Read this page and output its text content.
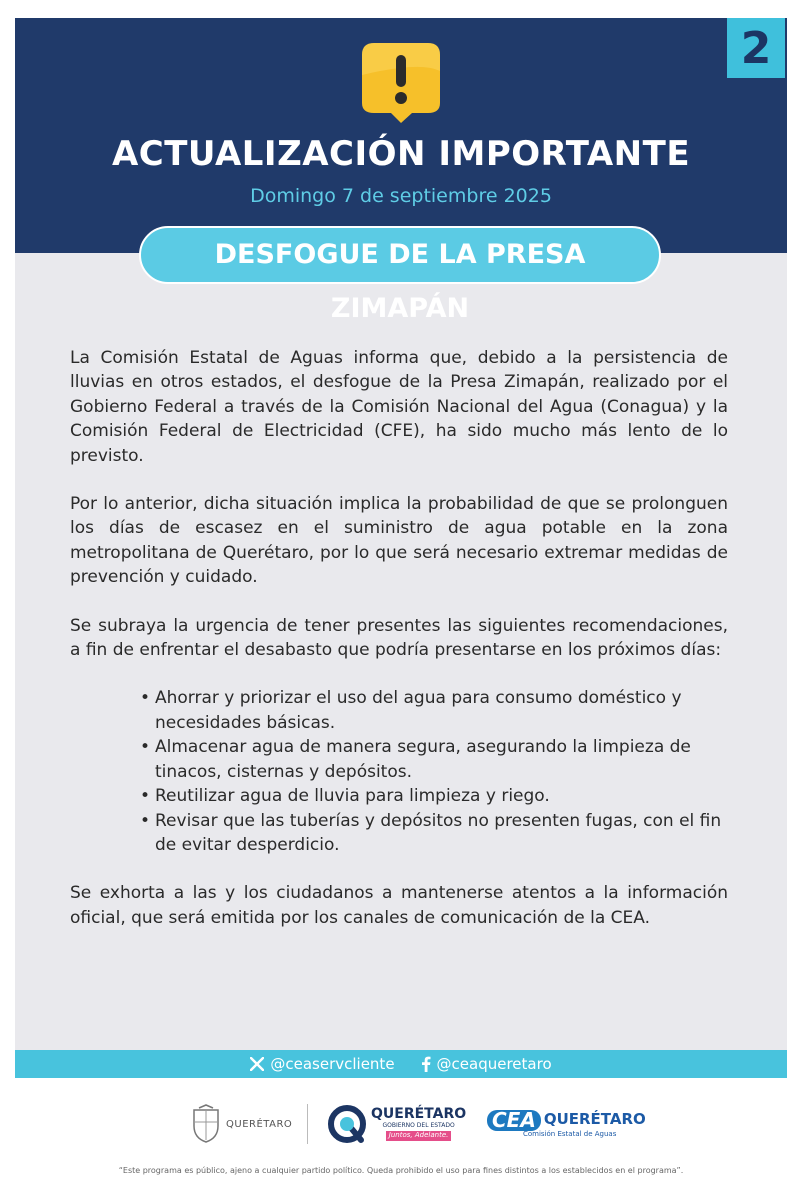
2
ACTUALIZACIÓN IMPORTANTE
Domingo 7 de septiembre 2025
DESFOGUE DE LA PRESA ZIMAPÁN

La Comisión Estatal de Aguas informa que, debido a la persistencia de lluvias en otros estados, el desfogue de la Presa Zimapán, realizado por el Gobierno Federal a través de la Comisión Nacional del Agua (Conagua) y la Comisión Federal de Electricidad (CFE), ha sido mucho más lento de lo previsto.

Por lo anterior, dicha situación implica la probabilidad de que se prolonguen los días de escasez en el suministro de agua potable en la zona metropolitana de Querétaro, por lo que será necesario extremar medidas de prevención y cuidado.

Se subraya la urgencia de tener presentes las siguientes recomendaciones, a fin de enfrentar el desabasto que podría presentarse en los próximos días:

• Ahorrar y priorizar el uso del agua para consumo doméstico y necesidades básicas.
• Almacenar agua de manera segura, asegurando la limpieza de tinacos, cisternas y depósitos.
• Reutilizar agua de lluvia para limpieza y riego.
• Revisar que las tuberías y depósitos no presenten fugas, con el fin de evitar desperdicio.

Se exhorta a las y los ciudadanos a mantenerse atentos a la información oficial, que será emitida por los canales de comunicación de la CEA.

@ceaservcliente	@ceaqueretaro
QUERÉTARO
QUERÉTARO
GOBIERNO DEL ESTADO
Juntos, Adelante.
CEA QUERÉTARO
Comisión Estatal de Aguas
“Este programa es público, ajeno a cualquier partido político. Queda prohibido el uso para fines distintos a los establecidos en el programa”.
